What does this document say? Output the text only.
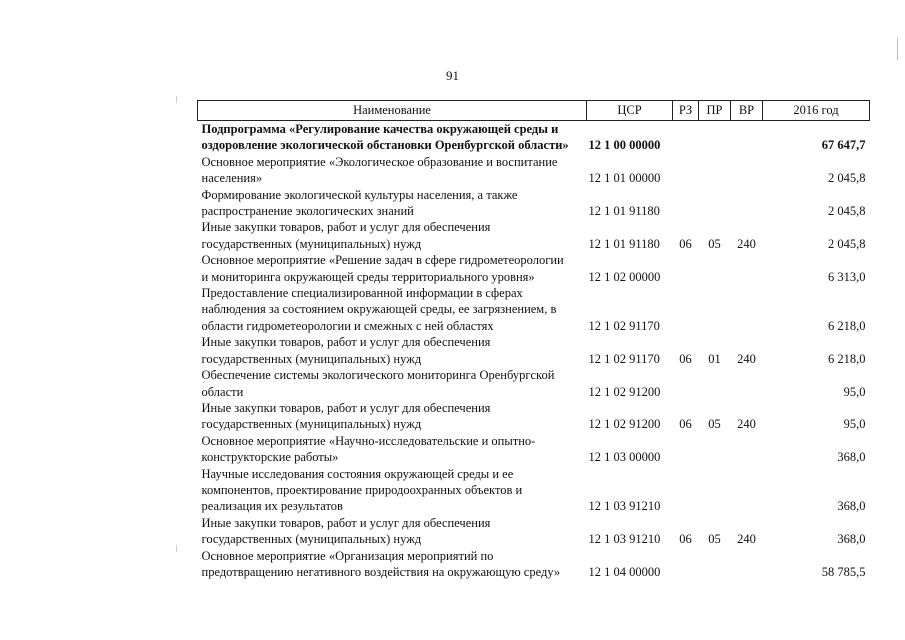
91
Наименование	ЦСР	РЗ	ПР	ВР	2016 год
Подпрограмма «Регулирование качества окружающей среды и
оздоровление экологической обстановки Оренбургской области»	12 1 00 00000				67 647,7
Основное мероприятие «Экологическое образование и воспитание
населения»	12 1 01 00000				2 045,8
Формирование экологической культуры населения, а также
распространение экологических знаний	12 1 01 91180				2 045,8
Иные закупки товаров, работ и услуг для обеспечения
государственных (муниципальных) нужд	12 1 01 91180	06	05	240	2 045,8
Основное мероприятие «Решение задач в сфере гидрометеорологии
и мониторинга окружающей среды территориального уровня»	12 1 02 00000				6 313,0
Предоставление специализированной информации в сферах
наблюдения за состоянием окружающей среды, ее загрязнением, в
области гидрометеорологии и смежных с ней областях	12 1 02 91170				6 218,0
Иные закупки товаров, работ и услуг для обеспечения
государственных (муниципальных) нужд	12 1 02 91170	06	01	240	6 218,0
Обеспечение системы экологического мониторинга Оренбургской
области	12 1 02 91200				95,0
Иные закупки товаров, работ и услуг для обеспечения
государственных (муниципальных) нужд	12 1 02 91200	06	05	240	95,0
Основное мероприятие «Научно-исследовательские и опытно-
конструкторские работы»	12 1 03 00000				368,0
Научные исследования состояния окружающей среды и ее
компонентов, проектирование природоохранных объектов и
реализация их результатов	12 1 03 91210				368,0
Иные закупки товаров, работ и услуг для обеспечения
государственных (муниципальных) нужд	12 1 03 91210	06	05	240	368,0
Основное мероприятие «Организация мероприятий по
предотвращению негативного воздействия на окружающую среду»	12 1 04 00000				58 785,5
